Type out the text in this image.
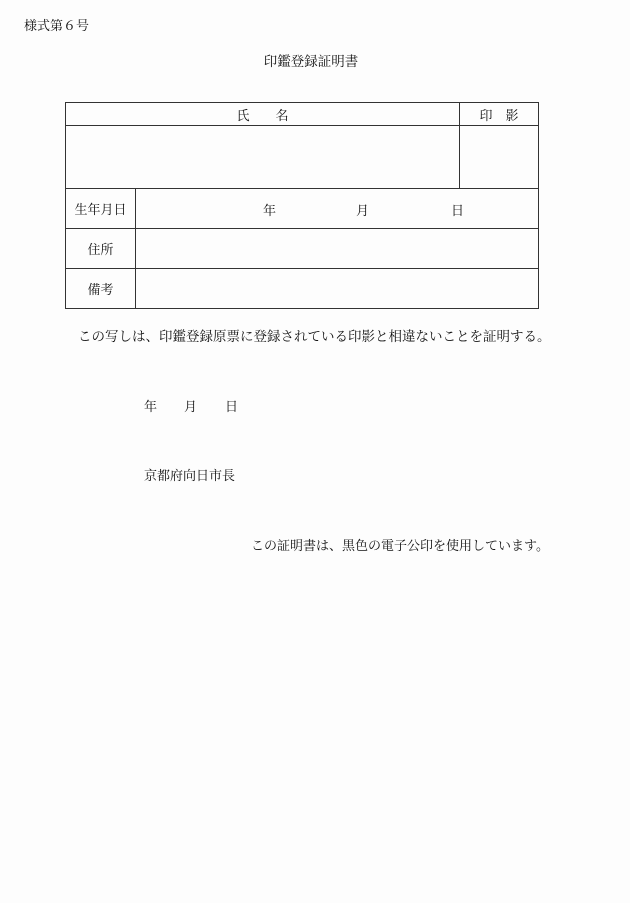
様式第６号
印鑑登録証明書
氏　　名		印　影

生年月日	年 月 日	

住所		
備考		
この写しは、印鑑登録原票に登録されている印影と相違ないことを証明する。
年 月 日
京都府向日市長
この証明書は、黒色の電子公印を使用しています。
